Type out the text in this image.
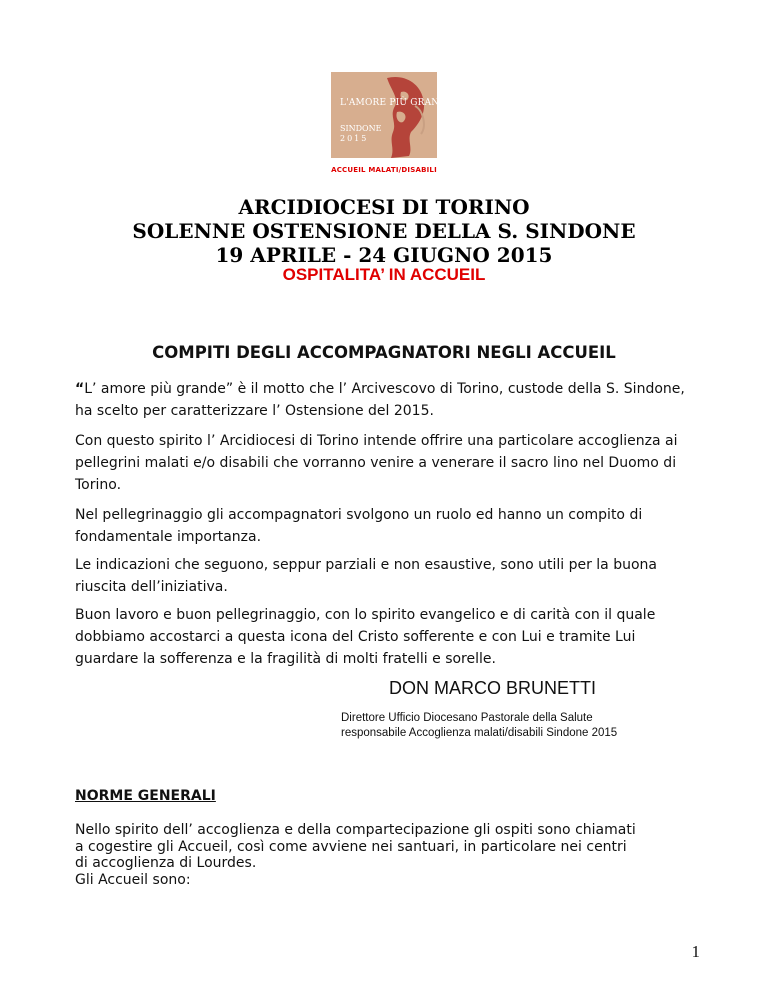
L'AMORE PIÙ GRANDE
SINDONE
2015
ACCUEIL MALATI/DISABILI
ARCIDIOCESI DI TORINO
SOLENNE OSTENSIONE DELLA S. SINDONE
19 APRILE - 24 GIUGNO 2015
OSPITALITA’ IN ACCUEIL
COMPITI DEGLI ACCOMPAGNATORI NEGLI ACCUEIL

“L’ amore più grande” è il motto che l’ Arcivescovo di Torino, custode della S. Sindone, ha scelto per caratterizzare l’ Ostensione del 2015.

Con questo spirito l’ Arcidiocesi di Torino intende offrire una particolare accoglienza ai pellegrini malati e/o disabili che vorranno venire a venerare il sacro lino nel Duomo di Torino.

Nel pellegrinaggio gli accompagnatori svolgono un ruolo ed hanno un compito di fondamentale importanza.

Le indicazioni che seguono, seppur parziali e non esaustive, sono utili per la buona riuscita dell’iniziativa.

Buon lavoro e buon pellegrinaggio, con lo spirito evangelico e di carità con il quale dobbiamo accostarci a questa icona del Cristo sofferente e con Lui e tramite Lui guardare la sofferenza e la fragilità di molti fratelli e sorelle.

DON MARCO BRUNETTI
Direttore Ufficio Diocesano Pastorale della Salute
responsabile Accoglienza malati/disabili Sindone 2015
NORME GENERALI

Nello spirito dell’ accoglienza e della compartecipazione gli ospiti sono chiamati
a cogestire gli Accueil, così come avviene nei santuari, in particolare nei centri
di accoglienza di Lourdes.
Gli Accueil sono:

1
